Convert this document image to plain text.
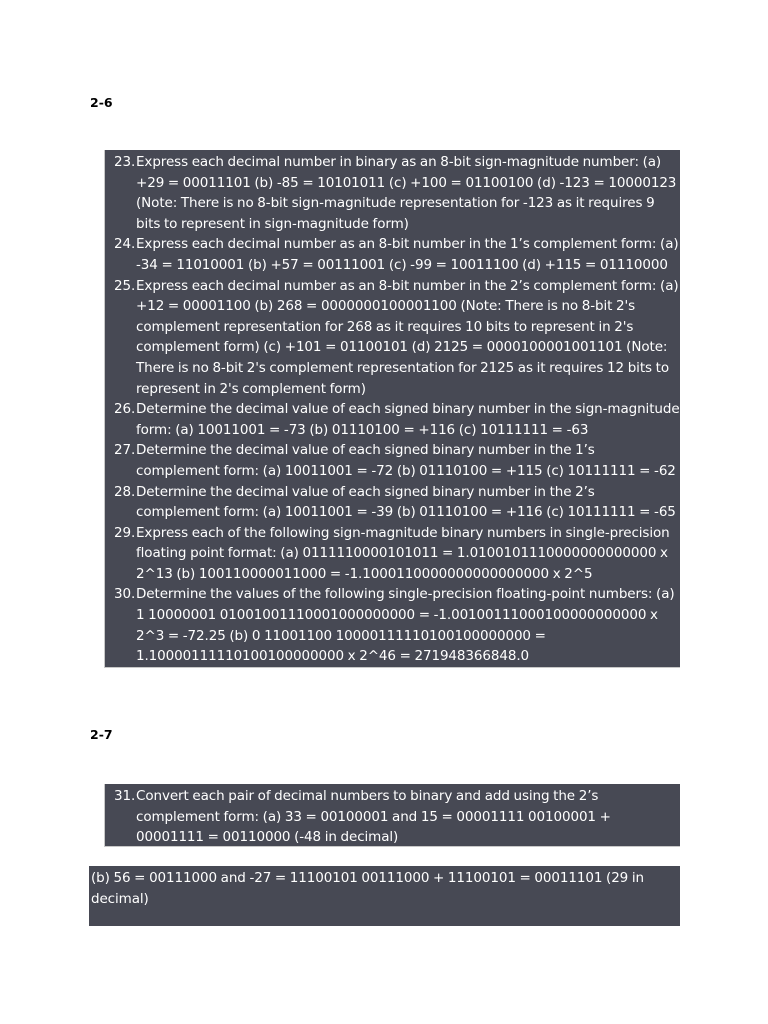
2-6
23. Express each decimal number in binary as an 8-bit sign-magnitude number: (a) +29 = 00011101 (b) -85 = 10101011 (c) +100 = 01100100 (d) -123 = 10000123 (Note: There is no 8-bit sign-magnitude representation for -123 as it requires 9 bits to represent in sign-magnitude form)
24. Express each decimal number as an 8-bit number in the 1’s complement form: (a) -34 = 11010001 (b) +57 = 00111001 (c) -99 = 10011100 (d) +115 = 01110000
25. Express each decimal number as an 8-bit number in the 2’s complement form: (a) +12 = 00001100 (b) 268 = 0000000100001100 (Note: There is no 8-bit 2's complement representation for 268 as it requires 10 bits to represent in 2's complement form) (c) +101 = 01100101 (d) 2125 = 0000100001001101 (Note: There is no 8-bit 2's complement representation for 2125 as it requires 12 bits to represent in 2's complement form)
26. Determine the decimal value of each signed binary number in the sign-magnitude form: (a) 10011001 = -73 (b) 01110100 = +116 (c) 10111111 = -63
27. Determine the decimal value of each signed binary number in the 1’s complement form: (a) 10011001 = -72 (b) 01110100 = +115 (c) 10111111 = -62
28. Determine the decimal value of each signed binary number in the 2’s complement form: (a) 10011001 = -39 (b) 01110100 = +116 (c) 10111111 = -65
29. Express each of the following sign-magnitude binary numbers in single-precision floating point format: (a) 0111110000101011 = 1.0100101110000000000000 x 2^13 (b) 100110000011000 = -1.1000110000000000000000 x 2^5
30. Determine the values of the following single-precision floating-point numbers: (a) 1 10000001 01001001110001000000000 = -1.00100111000100000000000 x 2^3 = -72.25 (b) 0 11001100 10000111110100100000000 = 1.10000111110100100000000 x 2^46 = 271948366848.0
2-7
31. Convert each pair of decimal numbers to binary and add using the 2’s complement form: (a) 33 = 00100001 and 15 = 00001111 00100001 + 00001111 = 00110000 (-48 in decimal)
(b) 56 = 00111000 and -27 = 11100101 00111000 + 11100101 = 00011101 (29 in decimal)
